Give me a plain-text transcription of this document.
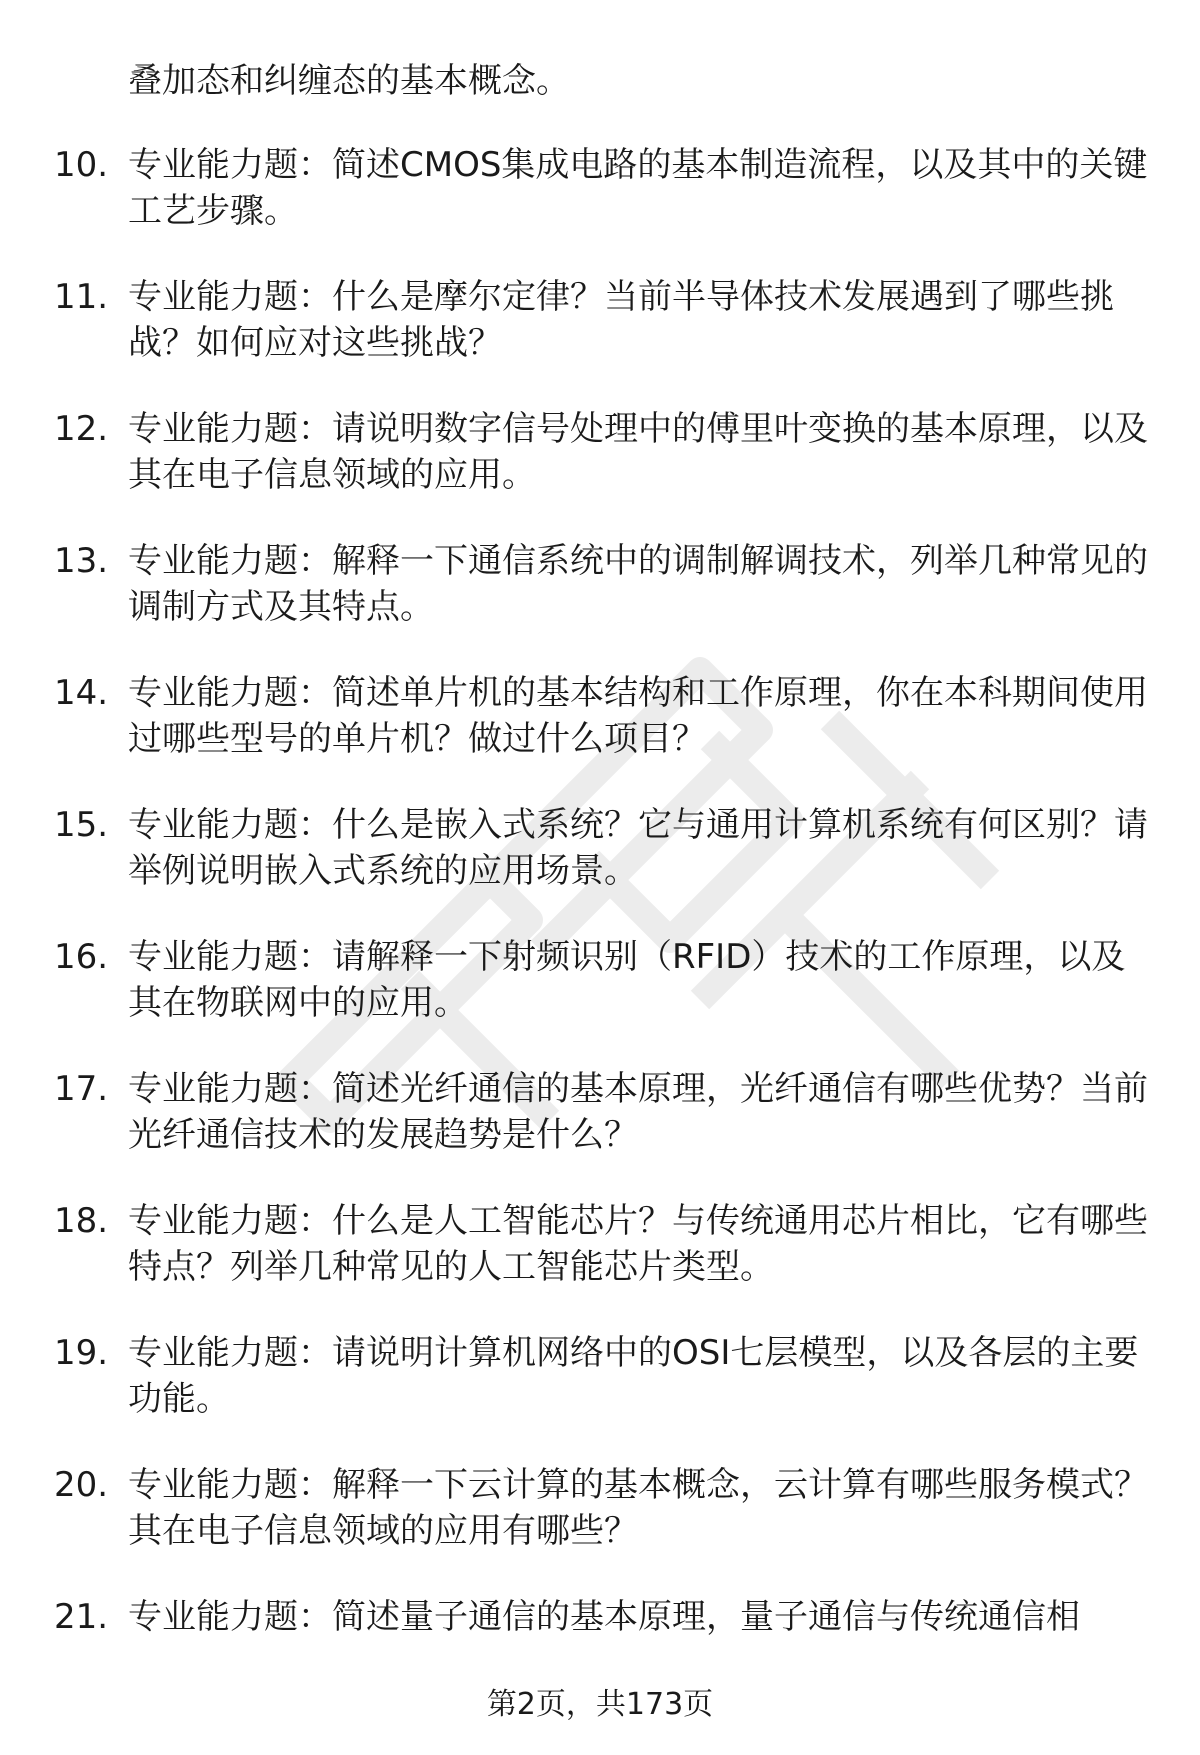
叠加态和纠缠态的基本概念。

10. 专业能力题：简述CMOS集成电路的基本制造流程，以及其中的关键工艺步骤。

11. 专业能力题：什么是摩尔定律？当前半导体技术发展遇到了哪些挑战？如何应对这些挑战？

12. 专业能力题：请说明数字信号处理中的傅里叶变换的基本原理，以及其在电子信息领域的应用。

13. 专业能力题：解释一下通信系统中的调制解调技术，列举几种常见的调制方式及其特点。

14. 专业能力题：简述单片机的基本结构和工作原理，你在本科期间使用过哪些型号的单片机？做过什么项目？

15. 专业能力题：什么是嵌入式系统？它与通用计算机系统有何区别？请举例说明嵌入式系统的应用场景。

16. 专业能力题：请解释一下射频识别（RFID）技术的工作原理，以及其在物联网中的应用。

17. 专业能力题：简述光纤通信的基本原理，光纤通信有哪些优势？当前光纤通信技术的发展趋势是什么？

18. 专业能力题：什么是人工智能芯片？与传统通用芯片相比，它有哪些特点？列举几种常见的人工智能芯片类型。

19. 专业能力题：请说明计算机网络中的OSI七层模型，以及各层的主要功能。

20. 专业能力题：解释一下云计算的基本概念，云计算有哪些服务模式？其在电子信息领域的应用有哪些？

21. 专业能力题：简述量子通信的基本原理，量子通信与传统通信相

第2页，共173页
